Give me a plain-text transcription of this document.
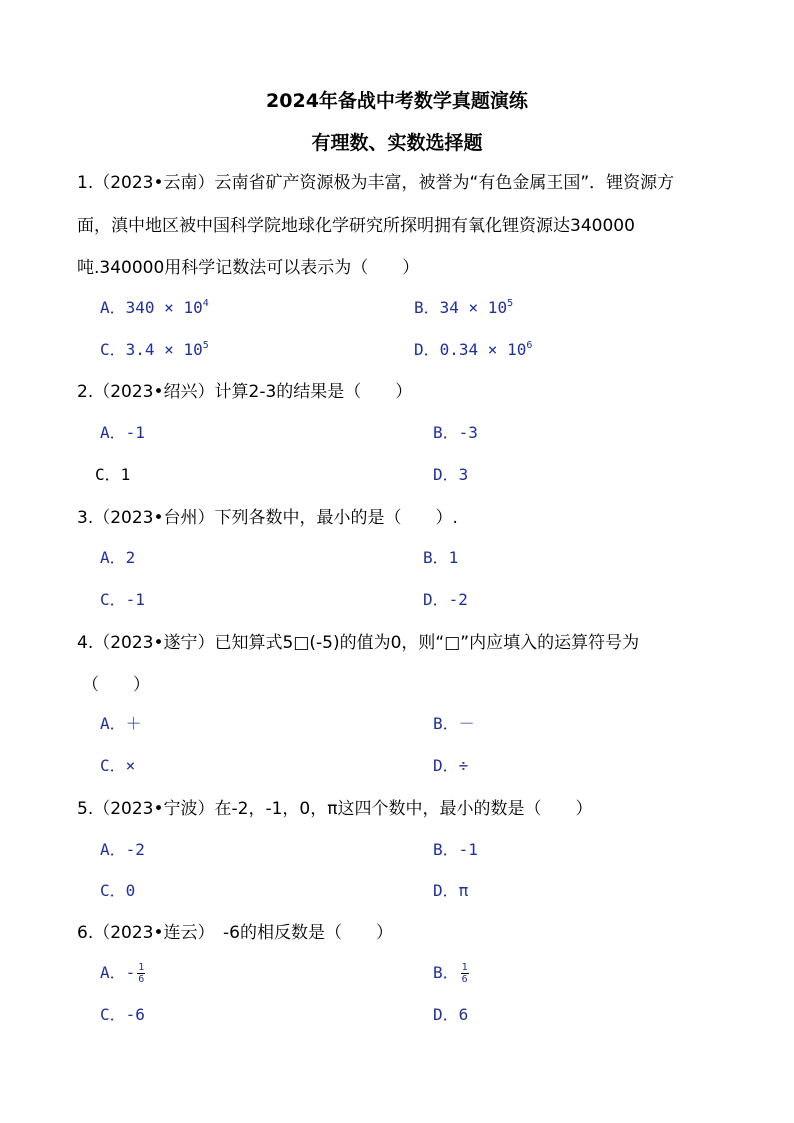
2024年备战中考数学真题演练
有理数、实数选择题
1.（2023•云南）云南省矿产资源极为丰富，被誉为“有色金属王国”．锂资源方
面，滇中地区被中国科学院地球化学研究所探明拥有氧化锂资源达340000
吨.340000用科学记数法可以表示为（　　）
A．$340 \times 10^4$	B．$34 \times 10^5$
C．$3.4 \times 10^5$	D．$0.34 \times 10^6$
2.（2023•绍兴）计算2-3的结果是（　　）
A．-1	B．-3
C．1	D．3
3.（2023•台州）下列各数中，最小的是（　　）.
A．2	B．1
C．-1	D．-2
4.（2023•遂宁）已知算式5□(-5)的值为0，则“□”内应填入的运算符号为
（　　）
A．＋	B．－
C．×	D．÷
5.（2023•宁波）在-2，-1，0，π这四个数中，最小的数是（　　）
A．-2	B．-1
C．0	D．π
6.（2023•连云）　-6的相反数是（　　）
A．- $\frac{1}{6}$	B． $\frac{1}{6}$
C．-6	D．6
